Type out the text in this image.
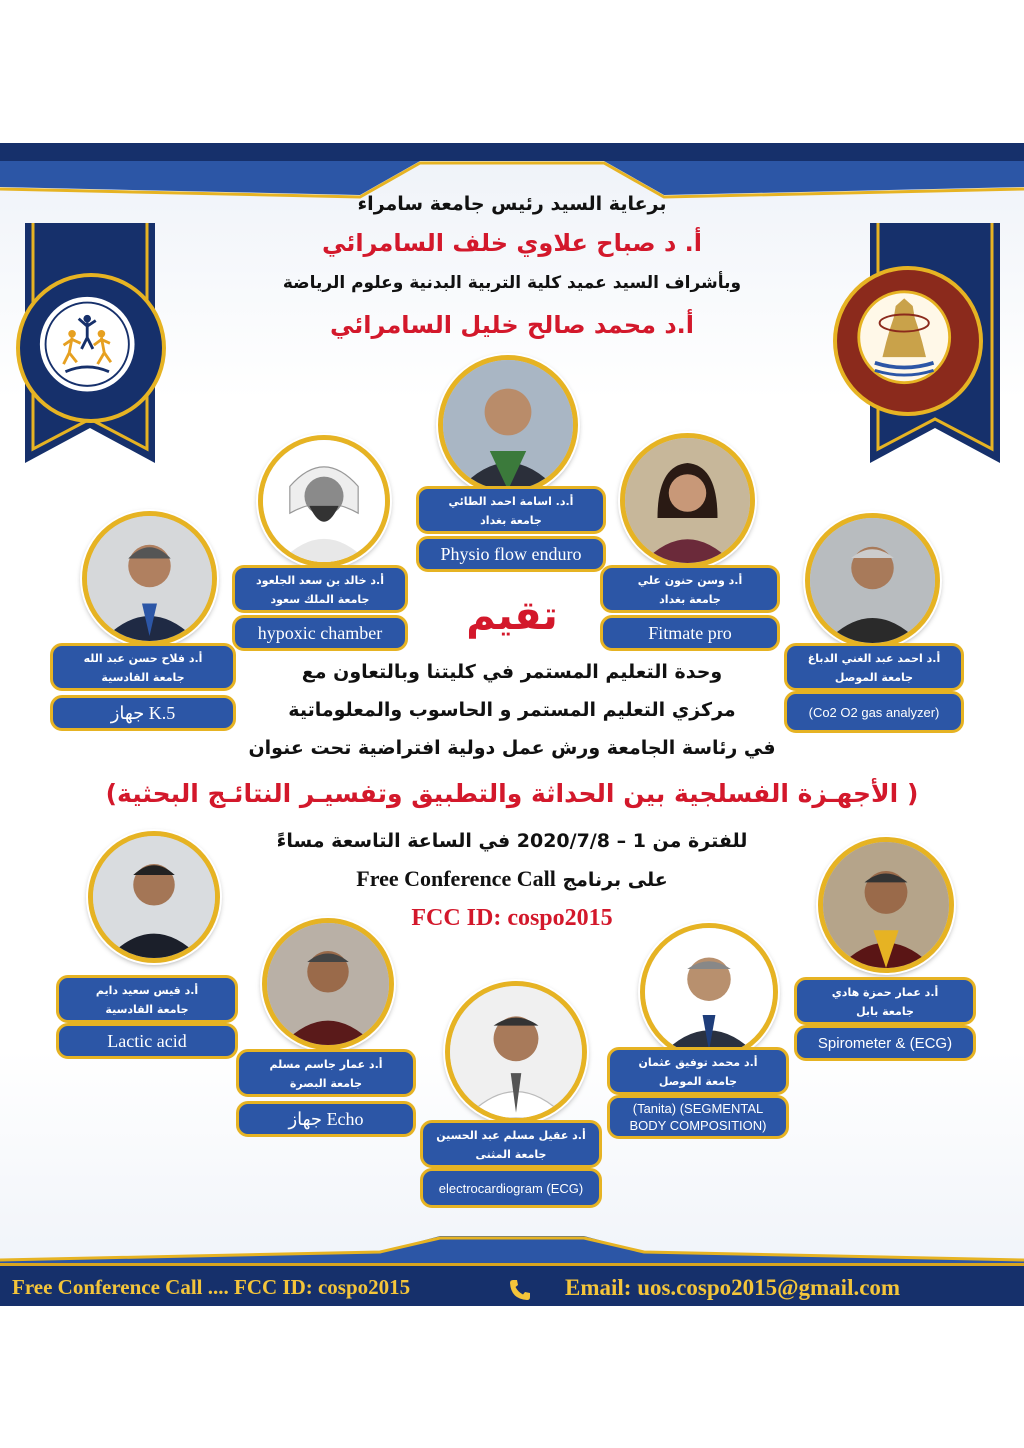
برعاية السيد رئيس جامعة سامراء
أ. د صباح علاوي خلف السامرائي
وبأشراف السيد عميد كلية التربية البدنية وعلوم الرياضة
أ.د محمد صالح خليل السامرائي
أ.د. اسامة احمد الطائي
جامعة بغداد
Physio flow enduro
أ.د خالد بن سعد الجلعود
جامعة الملك سعود
hypoxic chamber
أ.د وسن حنون علي
جامعة بغداد
Fitmate pro
أ.د فلاح حسن عبد الله
جامعة القادسية
جهاز K.5
أ.د احمد عبد الغني الدباغ
جامعة الموصل
(Co2 O2 gas analyzer)
تقيم
وحدة التعليم المستمر في كليتنا وبالتعاون مع
مركزي التعليم المستمر و الحاسوب والمعلوماتية
في رئاسة الجامعة ورش عمل دولية افتراضية تحت عنوان
( الأجهـزة الفسلجية بين الحداثة والتطبيق وتفسيـر النتائـج البحثية)
للفترة من 1 – 2020/7/8 في الساعة التاسعة مساءً
على برنامج Free Conference Call
FCC ID: cospo2015
أ.د قيس سعيد دايم
جامعة القادسية
Lactic acid
أ.د عمار جاسم مسلم
جامعة البصرة
جهاز Echo
أ.د عقيل مسلم عبد الحسين
جامعة المثنى
electrocardiogram (ECG)
أ.د محمد توفيق عثمان
جامعة الموصل
(Tanita) (SEGMENTAL BODY COMPOSITION)
أ.د عمار حمزة هادي
جامعة بابل
Spirometer & (ECG)
Free Conference Call .... FCC ID: cospo2015	Email: uos.cospo2015@gmail.com
